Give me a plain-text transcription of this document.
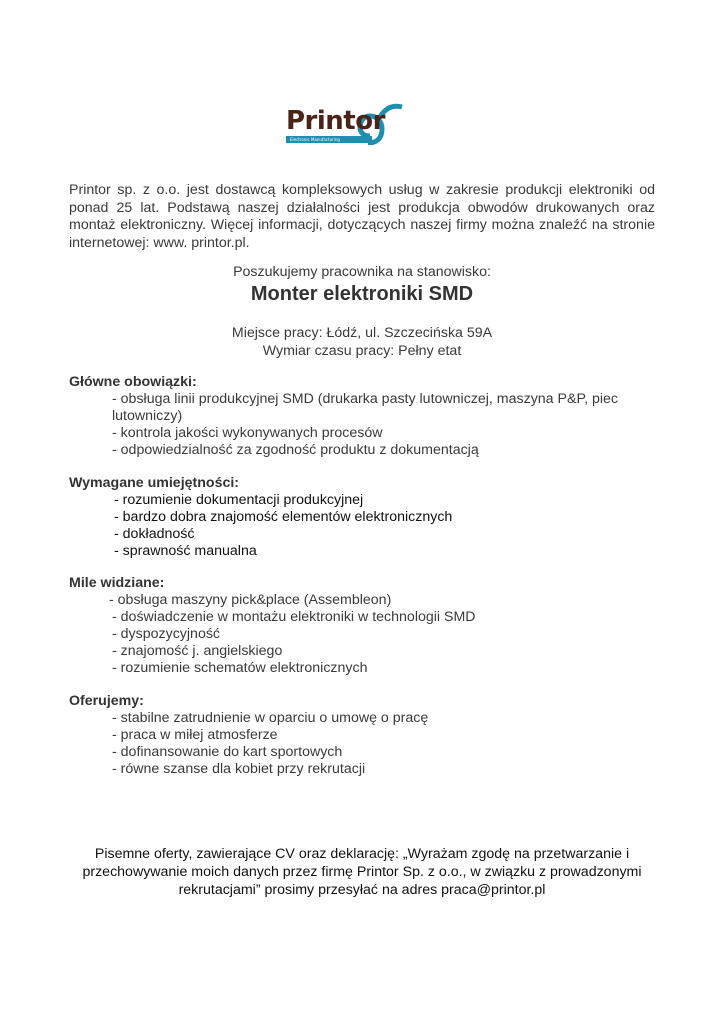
Printor
Electronic Manufacturing
Printor sp. z o.o. jest dostawcą kompleksowych usług w zakresie produkcji elektroniki od ponad 25 lat. Podstawą naszej działalności jest produkcja obwodów drukowanych oraz montaż elektroniczny. Więcej informacji, dotyczących naszej firmy można znaleźć na stronie internetowej: www. printor.pl.
Poszukujemy pracownika na stanowisko:
Monter elektroniki SMD
Miejsce pracy: Łódź, ul. Szczecińska 59A
Wymiar czasu pracy: Pełny etat
Główne obowiązki:
- obsługa linii produkcyjnej SMD (drukarka pasty lutowniczej, maszyna P&P, piec lutowniczy)
- kontrola jakości wykonywanych procesów
- odpowiedzialność za zgodność produktu z dokumentacją
Wymagane umiejętności:
- rozumienie dokumentacji produkcyjnej
- bardzo dobra znajomość elementów elektronicznych
- dokładność
- sprawność manualna
Mile widziane:
- obsługa maszyny pick&place (Assembleon)
- doświadczenie w montażu elektroniki w technologii SMD
- dyspozycyjność
- znajomość j. angielskiego
- rozumienie schematów elektronicznych
Oferujemy:
- stabilne zatrudnienie w oparciu o umowę o pracę
- praca w miłej atmosferze
- dofinansowanie do kart sportowych
- równe szanse dla kobiet przy rekrutacji
Pisemne oferty, zawierające CV oraz deklarację: „Wyrażam zgodę na przetwarzanie i przechowywanie moich danych przez firmę Printor Sp. z o.o., w związku z prowadzonymi rekrutacjami” prosimy przesyłać na adres praca@printor.pl
